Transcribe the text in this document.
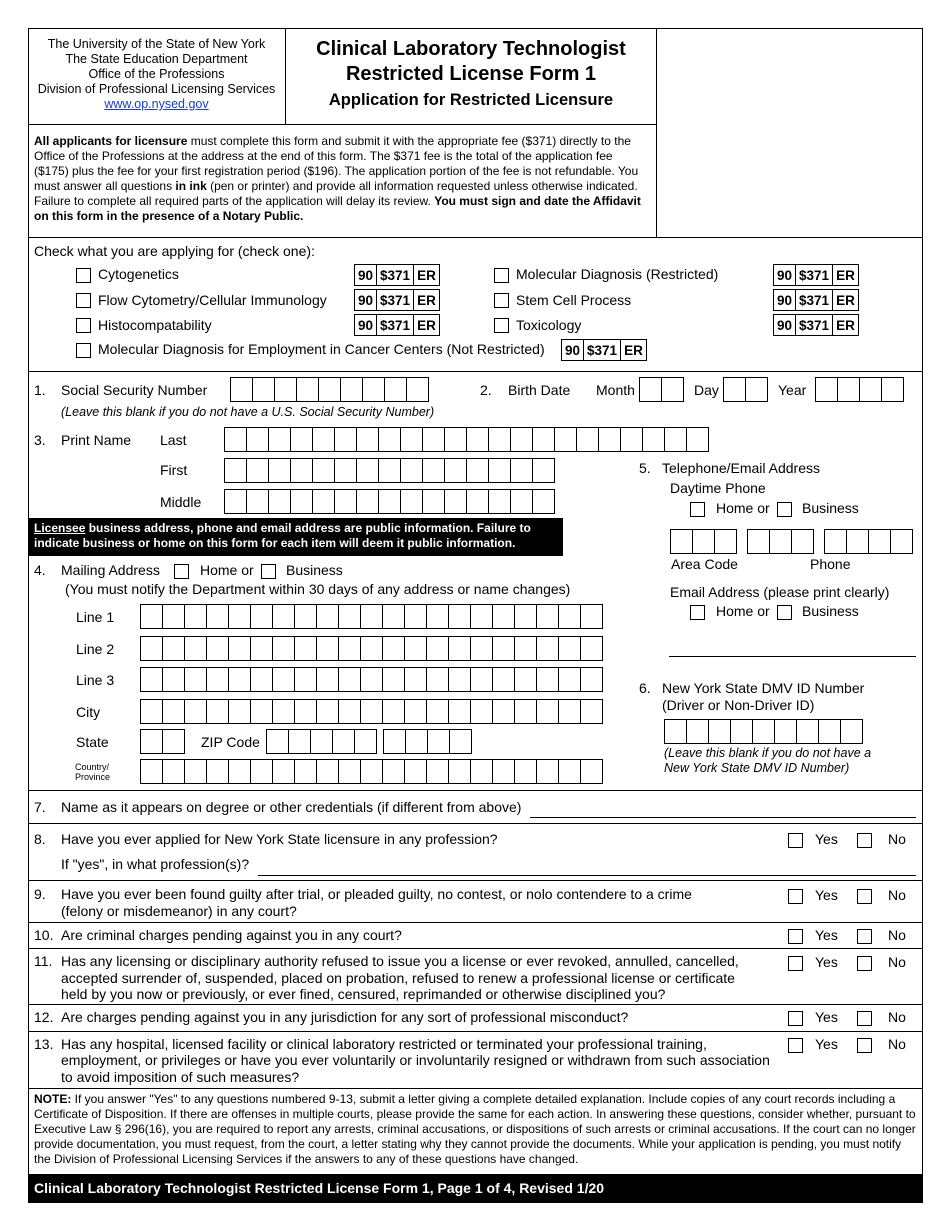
The University of the State of New York
The State Education Department
Office of the Professions
Division of Professional Licensing Services
www.op.nysed.gov
Clinical Laboratory Technologist
Restricted License Form 1
Application for Restricted Licensure
All applicants for licensure must complete this form and submit it with the appropriate fee ($371) directly to the Office of the Professions at the address at the end of this form. The $371 fee is the total of the application fee ($175) plus the fee for your first registration period ($196). The application portion of the fee is not refundable. You must answer all questions in ink (pen or printer) and provide all information requested unless otherwise indicated. Failure to complete all required parts of the application will delay its review. You must sign and date the Affidavit on this form in the presence of a Notary Public.
Check what you are applying for (check one):
Cytogenetics	90 $371 ER
Flow Cytometry/Cellular Immunology 90 $371 ER
Histocompatability	90 $371 ER
Molecular Diagnosis (Restricted)	90 $371 ER
Stem Cell Process	90 $371 ER
Toxicology	90 $371 ER
Molecular Diagnosis for Employment in Cancer Centers (Not Restricted) 90 $371 ER
1. Social Security Number
(Leave this blank if you do not have a U.S. Social Security Number)
2. Birth Date Month	Day	Year
3. Print Name Last
First
Middle
5. Telephone/Email Address
Daytime Phone
Home or Business
Area Code	Phone
Email Address (please print clearly)
Home or Business
Licensee business address, phone and email address are public information. Failure to indicate business or home on this form for each item will deem it public information.
4. Mailing Address	Home or Business
(You must notify the Department within 30 days of any address or name changes)
Line 1
Line 2
Line 3
City
State	ZIP Code
Country/
Province
6. New York State DMV ID Number
(Driver or Non-Driver ID)
(Leave this blank if you do not have a
New York State DMV ID Number)
7. Name as it appears on degree or other credentials (if different from above)
8. Have you ever applied for New York State licensure in any profession?
If "yes", in what profession(s)?
Yes	No
9. Have you ever been found guilty after trial, or pleaded guilty, no contest, or nolo contendere to a crime
(felony or misdemeanor) in any court?
Yes	No
10. Are criminal charges pending against you in any court?	Yes	No
11. Has any licensing or disciplinary authority refused to issue you a license or ever revoked, annulled, cancelled,
accepted surrender of, suspended, placed on probation, refused to renew a professional license or certificate
held by you now or previously, or ever fined, censured, reprimanded or otherwise disciplined you?
Yes	No
12. Are charges pending against you in any jurisdiction for any sort of professional misconduct?	Yes	No
13. Has any hospital, licensed facility or clinical laboratory restricted or terminated your professional training,
employment, or privileges or have you ever voluntarily or involuntarily resigned or withdrawn from such association
to avoid imposition of such measures?
Yes	No
NOTE: If you answer "Yes" to any questions numbered 9-13, submit a letter giving a complete detailed explanation. Include copies of any court records including a Certificate of Disposition. If there are offenses in multiple courts, please provide the same for each action. In answering these questions, consider whether, pursuant to Executive Law § 296(16), you are required to report any arrests, criminal accusations, or dispositions of such arrests or criminal accusations. If the court can no longer provide documentation, you must request, from the court, a letter stating why they cannot provide the documents. While your application is pending, you must notify the Division of Professional Licensing Services if the answers to any of these questions have changed.
Clinical Laboratory Technologist Restricted License Form 1, Page 1 of 4, Revised 1/20
